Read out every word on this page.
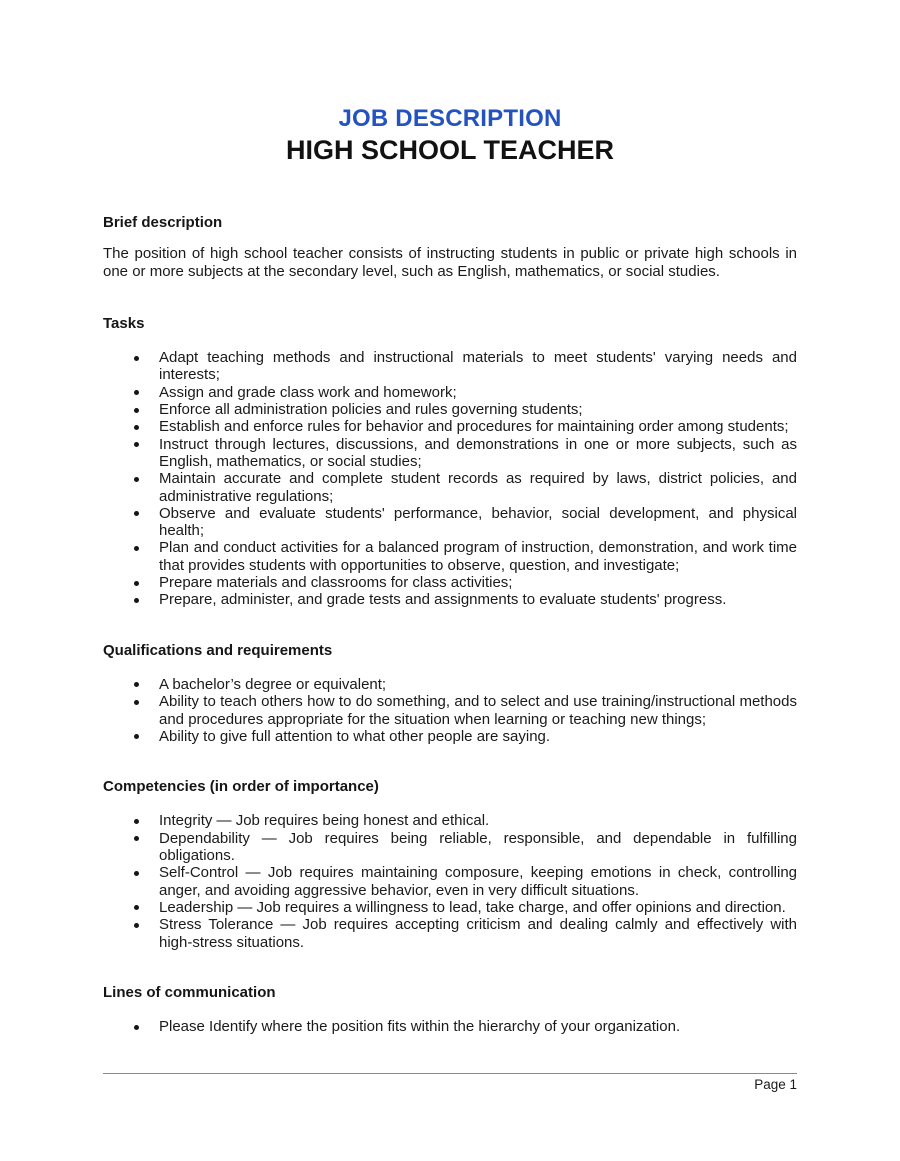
JOB DESCRIPTION
HIGH SCHOOL TEACHER
Brief description

The position of high school teacher consists of instructing students in public or private high schools in one or more subjects at the secondary level, such as English, mathematics, or social studies.

Tasks
Adapt teaching methods and instructional materials to meet students' varying needs and interests;
Assign and grade class work and homework;
Enforce all administration policies and rules governing students;
Establish and enforce rules for behavior and procedures for maintaining order among students;
Instruct through lectures, discussions, and demonstrations in one or more subjects, such as English, mathematics, or social studies;
Maintain accurate and complete student records as required by laws, district policies, and administrative regulations;
Observe and evaluate students' performance, behavior, social development, and physical health;
Plan and conduct activities for a balanced program of instruction, demonstration, and work time that provides students with opportunities to observe, question, and investigate;
Prepare materials and classrooms for class activities;
Prepare, administer, and grade tests and assignments to evaluate students' progress.
Qualifications and requirements
A bachelor’s degree or equivalent;
Ability to teach others how to do something, and to select and use training/instructional methods and procedures appropriate for the situation when learning or teaching new things;
Ability to give full attention to what other people are saying.
Competencies (in order of importance)
Integrity — Job requires being honest and ethical.
Dependability — Job requires being reliable, responsible, and dependable in fulfilling obligations.
Self-Control — Job requires maintaining composure, keeping emotions in check, controlling anger, and avoiding aggressive behavior, even in very difficult situations.
Leadership — Job requires a willingness to lead, take charge, and offer opinions and direction.
Stress Tolerance — Job requires accepting criticism and dealing calmly and effectively with high-stress situations.
Lines of communication
Please Identify where the position fits within the hierarchy of your organization.
Page 1
